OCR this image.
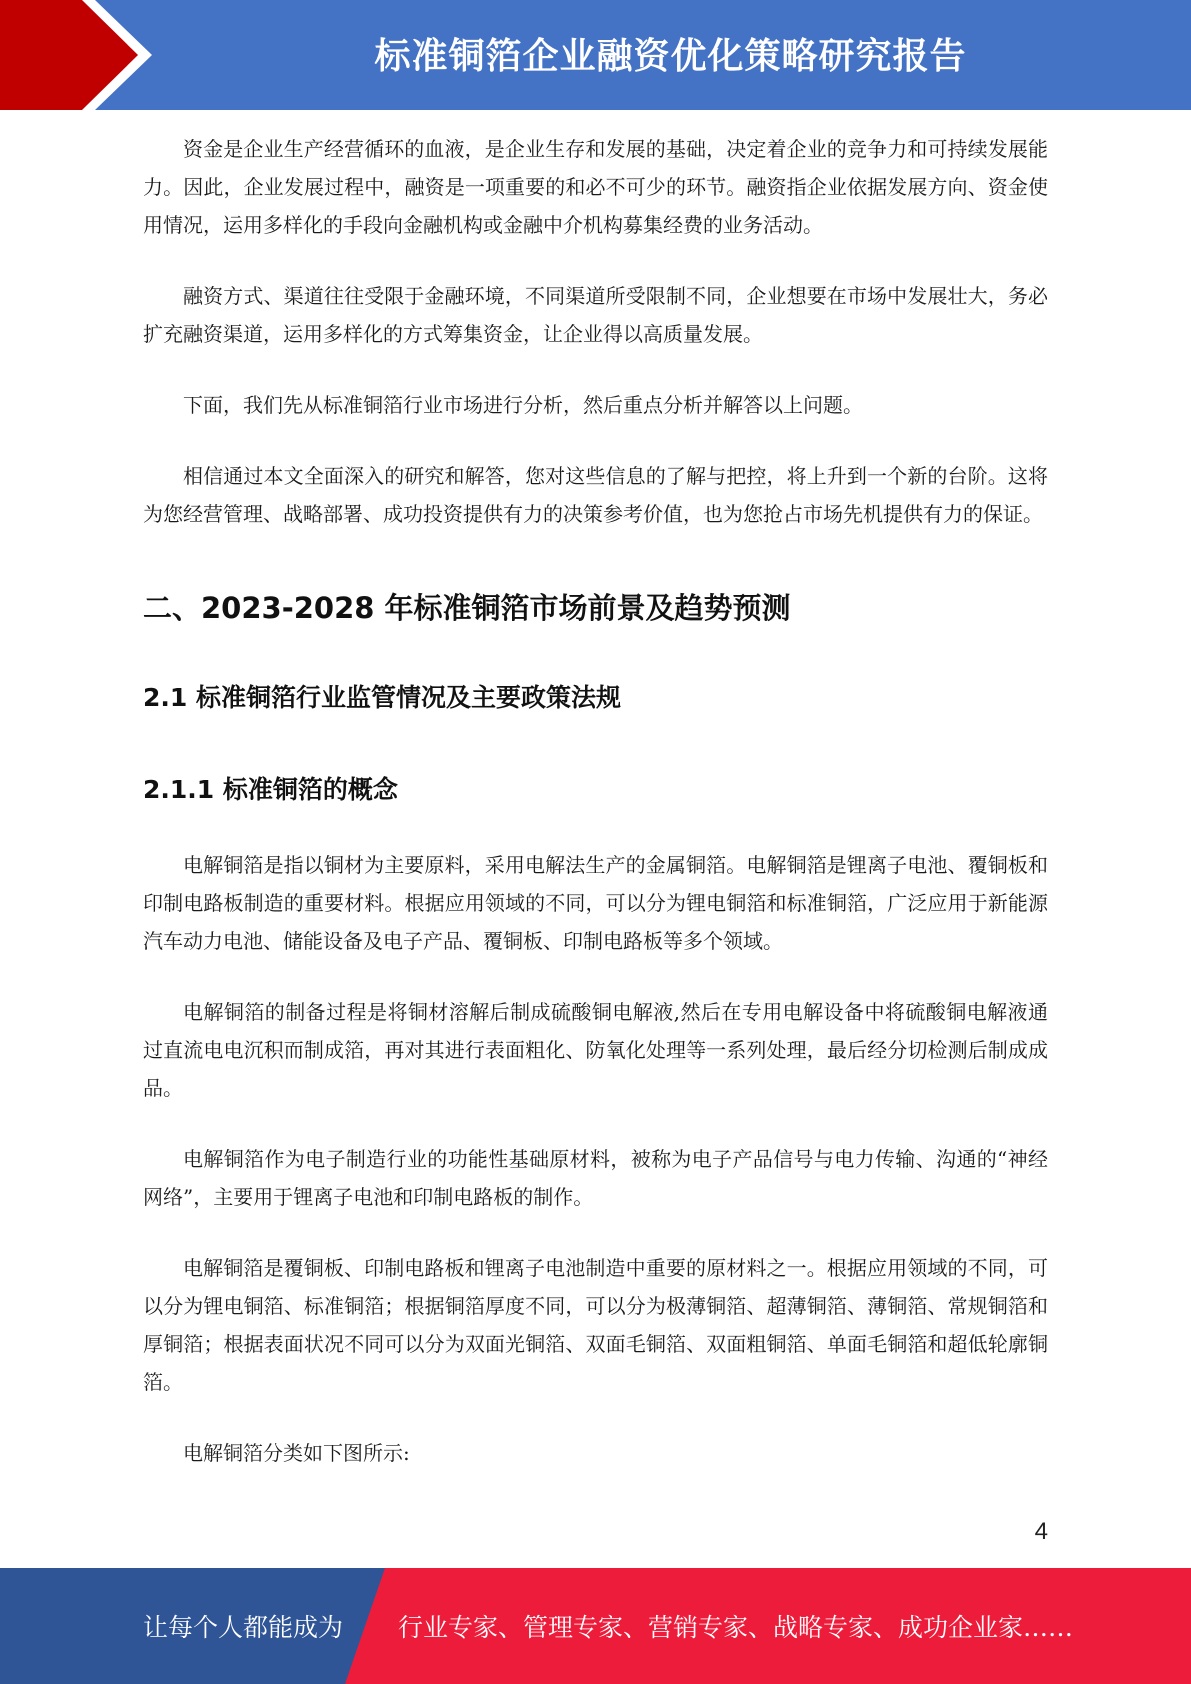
标准铜箔企业融资优化策略研究报告

资金是企业生产经营循环的血液，是企业生存和发展的基础，决定着企业的竞争力和可持续发展能力。因此，企业发展过程中，融资是一项重要的和必不可少的环节。融资指企业依据发展方向、资金使用情况，运用多样化的手段向金融机构或金融中介机构募集经费的业务活动。

融资方式、渠道往往受限于金融环境，不同渠道所受限制不同，企业想要在市场中发展壮大，务必扩充融资渠道，运用多样化的方式筹集资金，让企业得以高质量发展。

下面，我们先从标准铜箔行业市场进行分析，然后重点分析并解答以上问题。

相信通过本文全面深入的研究和解答，您对这些信息的了解与把控，将上升到一个新的台阶。这将为您经营管理、战略部署、成功投资提供有力的决策参考价值，也为您抢占市场先机提供有力的保证。

二、2023-2028 年标准铜箔市场前景及趋势预测
2.1 标准铜箔行业监管情况及主要政策法规
2.1.1 标准铜箔的概念

电解铜箔是指以铜材为主要原料，采用电解法生产的金属铜箔。电解铜箔是锂离子电池、覆铜板和印制电路板制造的重要材料。根据应用领域的不同，可以分为锂电铜箔和标准铜箔，广泛应用于新能源汽车动力电池、储能设备及电子产品、覆铜板、印制电路板等多个领域。

电解铜箔的制备过程是将铜材溶解后制成硫酸铜电解液,然后在专用电解设备中将硫酸铜电解液通过直流电电沉积而制成箔，再对其进行表面粗化、防氧化处理等一系列处理，最后经分切检测后制成成品。

电解铜箔作为电子制造行业的功能性基础原材料，被称为电子产品信号与电力传输、沟通的“神经网络”，主要用于锂离子电池和印制电路板的制作。

电解铜箔是覆铜板、印制电路板和锂离子电池制造中重要的原材料之一。根据应用领域的不同，可以分为锂电铜箔、标准铜箔；根据铜箔厚度不同，可以分为极薄铜箔、超薄铜箔、薄铜箔、常规铜箔和厚铜箔；根据表面状况不同可以分为双面光铜箔、双面毛铜箔、双面粗铜箔、单面毛铜箔和超低轮廓铜箔。

电解铜箔分类如下图所示:

4
让每个人都能成为 行业专家、管理专家、营销专家、战略专家、成功企业家……
